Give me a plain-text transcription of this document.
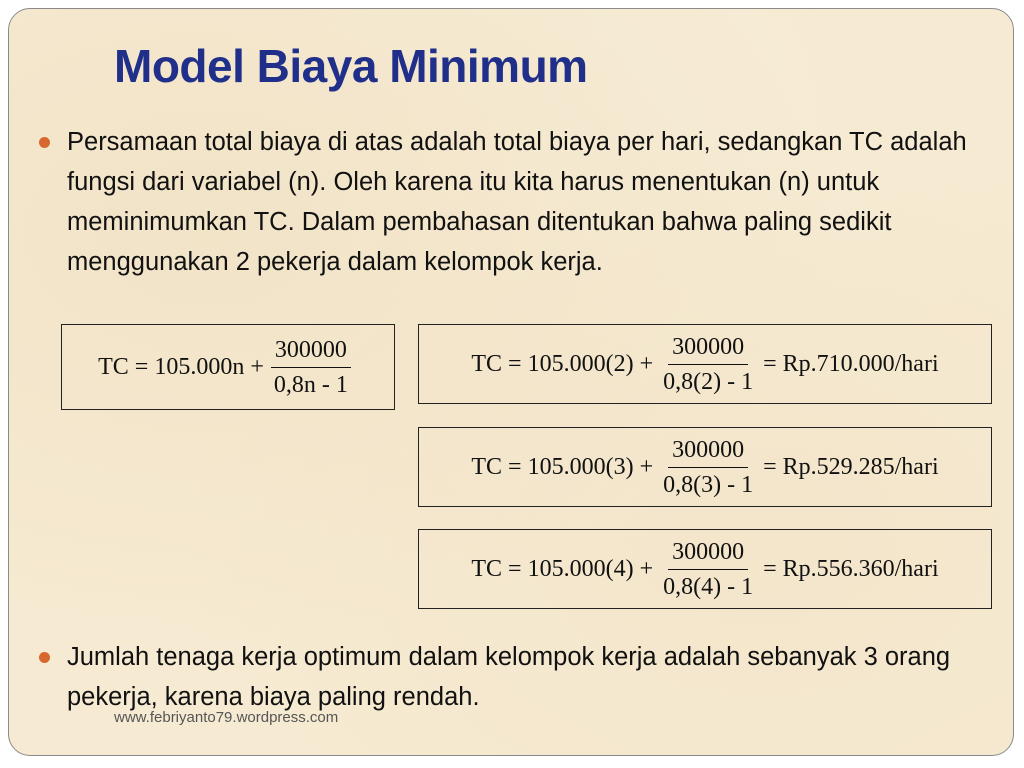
Model Biaya Minimum
Persamaan total biaya di atas adalah total biaya per hari, sedangkan TC adalah fungsi dari variabel (n). Oleh karena itu kita harus menentukan (n) untuk meminimumkan TC. Dalam pembahasan ditentukan bahwa paling sedikit menggunakan 2 pekerja dalam kelompok kerja.
TC = $105.000n + \frac{300000}{0,8n - 1}$	TC = $105.000(2) + \frac{300000}{0,8(2) - 1}$ = Rp.710.000/hari
TC = $105.000(3) + \frac{300000}{0,8(3) - 1}$ = Rp.529.285/hari
TC = $105.000(4) + \frac{300000}{0,8(4) - 1}$ = Rp.556.360/hari
Jumlah tenaga kerja optimum dalam kelompok kerja adalah sebanyak 3 orang pekerja, karena biaya paling rendah.
www.febriyanto79.wordpress.com
